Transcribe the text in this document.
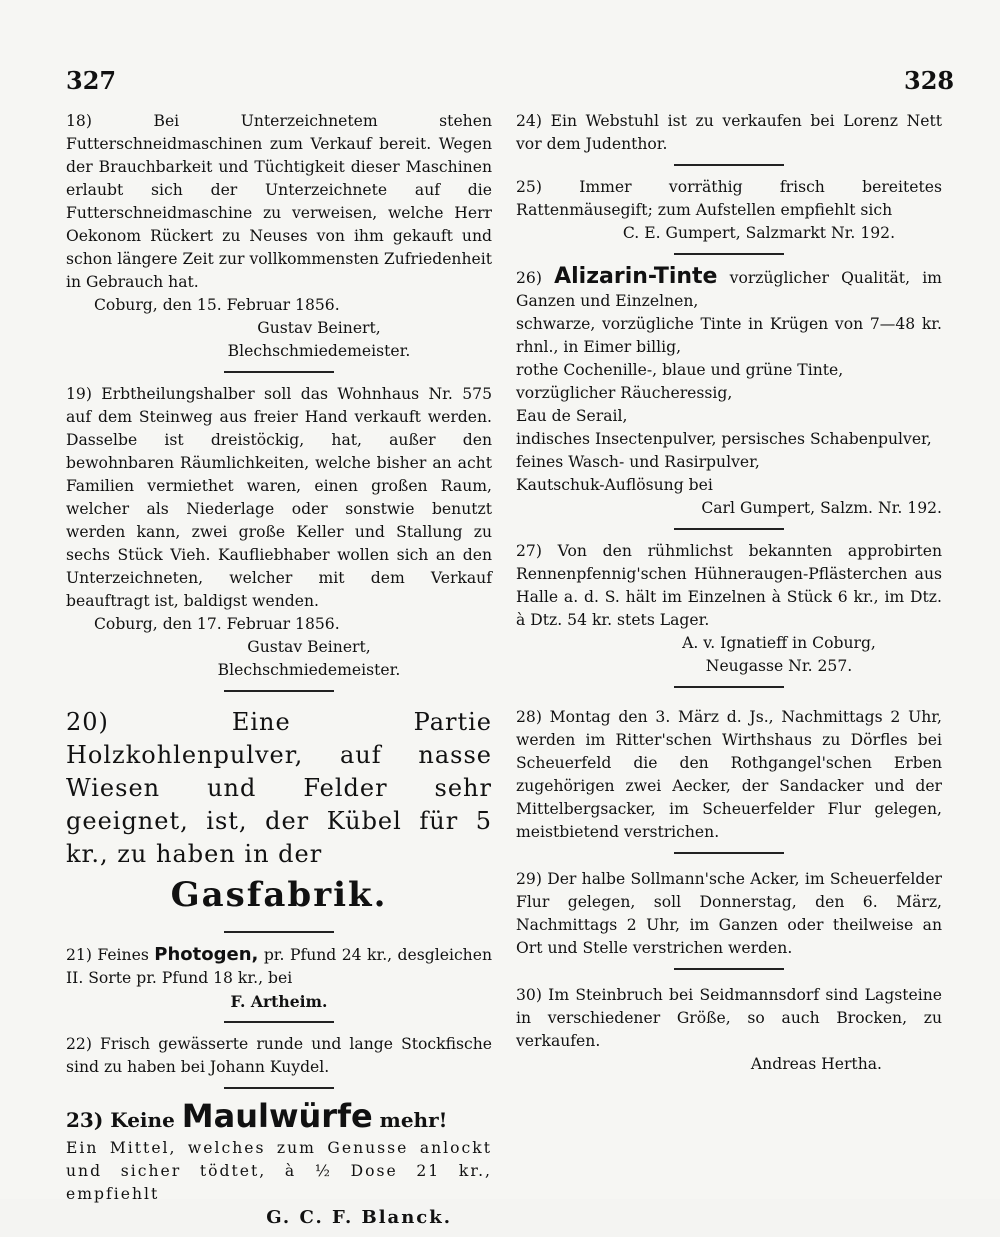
327	328

18) Bei Unterzeichnetem stehen Futterschneidmaschinen zum Verkauf bereit. Wegen der Brauchbarkeit und Tüchtigkeit dieser Maschinen erlaubt sich der Unterzeichnete auf die Futterschneidmaschine zu verweisen, welche Herr Oekonom Rückert zu Neuses von ihm gekauft und schon längere Zeit zur vollkommensten Zufriedenheit in Gebrauch hat.

Coburg, den 15. Februar 1856.

Gustav Beinert,

Blechschmiedemeister.

19) Erbtheilungshalber soll das Wohnhaus Nr. 575 auf dem Steinweg aus freier Hand verkauft werden. Dasselbe ist dreistöckig, hat, außer den bewohnbaren Räumlichkeiten, welche bisher an acht Familien vermiethet waren, einen großen Raum, welcher als Niederlage oder sonstwie benutzt werden kann, zwei große Keller und Stallung zu sechs Stück Vieh. Kaufliebhaber wollen sich an den Unterzeichneten, welcher mit dem Verkauf beauftragt ist, baldigst wenden.

Coburg, den 17. Februar 1856.

Gustav Beinert,

Blechschmiedemeister.

20) Eine Partie Holzkohlenpulver, auf nasse Wiesen und Felder sehr geeignet, ist, der Kübel für 5 kr., zu haben in der

Gasfabrik.

21) Feines Photogen, pr. Pfund 24 kr., desgleichen II. Sorte pr. Pfund 18 kr., bei

F. Artheim.

22) Frisch gewässerte runde und lange Stockfische sind zu haben bei Johann Kuydel.

23) Keine Maulwürfe mehr!

Ein Mittel, welches zum Genusse anlockt und sicher tödtet, à ½ Dose 21 kr., empfiehlt

G. C. F. Blanck.

24) Ein Webstuhl ist zu verkaufen bei Lorenz Nett vor dem Judenthor.

25) Immer vorräthig frisch bereitetes Rattenmäusegift; zum Aufstellen empfiehlt sich

C. E. Gumpert, Salzmarkt Nr. 192.

26) Alizarin-Tinte vorzüglicher Qualität, im Ganzen und Einzelnen,

schwarze, vorzügliche Tinte in Krügen von 7—48 kr. rhnl., in Eimer billig,

rothe Cochenille-, blaue und grüne Tinte,

vorzüglicher Räucheressig,

Eau de Serail,

indisches Insectenpulver, persisches Schabenpulver,

feines Wasch- und Rasirpulver,

Kautschuk-Auflösung bei

Carl Gumpert, Salzm. Nr. 192.

27) Von den rühmlichst bekannten approbirten Rennenpfennig'schen Hühneraugen-Pflästerchen aus Halle a. d. S. hält im Einzelnen à Stück 6 kr., im Dtz. à Dtz. 54 kr. stets Lager.

A. v. Ignatieff in Coburg,

Neugasse Nr. 257.

28) Montag den 3. März d. Js., Nachmittags 2 Uhr, werden im Ritter'schen Wirthshaus zu Dörfles bei Scheuerfeld die den Rothgangel'schen Erben zugehörigen zwei Aecker, der Sandacker und der Mittelbergsacker, im Scheuerfelder Flur gelegen, meistbietend verstrichen.

29) Der halbe Sollmann'sche Acker, im Scheuerfelder Flur gelegen, soll Donnerstag, den 6. März, Nachmittags 2 Uhr, im Ganzen oder theilweise an Ort und Stelle verstrichen werden.

30) Im Steinbruch bei Seidmannsdorf sind Lagsteine in verschiedener Größe, so auch Brocken, zu verkaufen.

Andreas Hertha.
